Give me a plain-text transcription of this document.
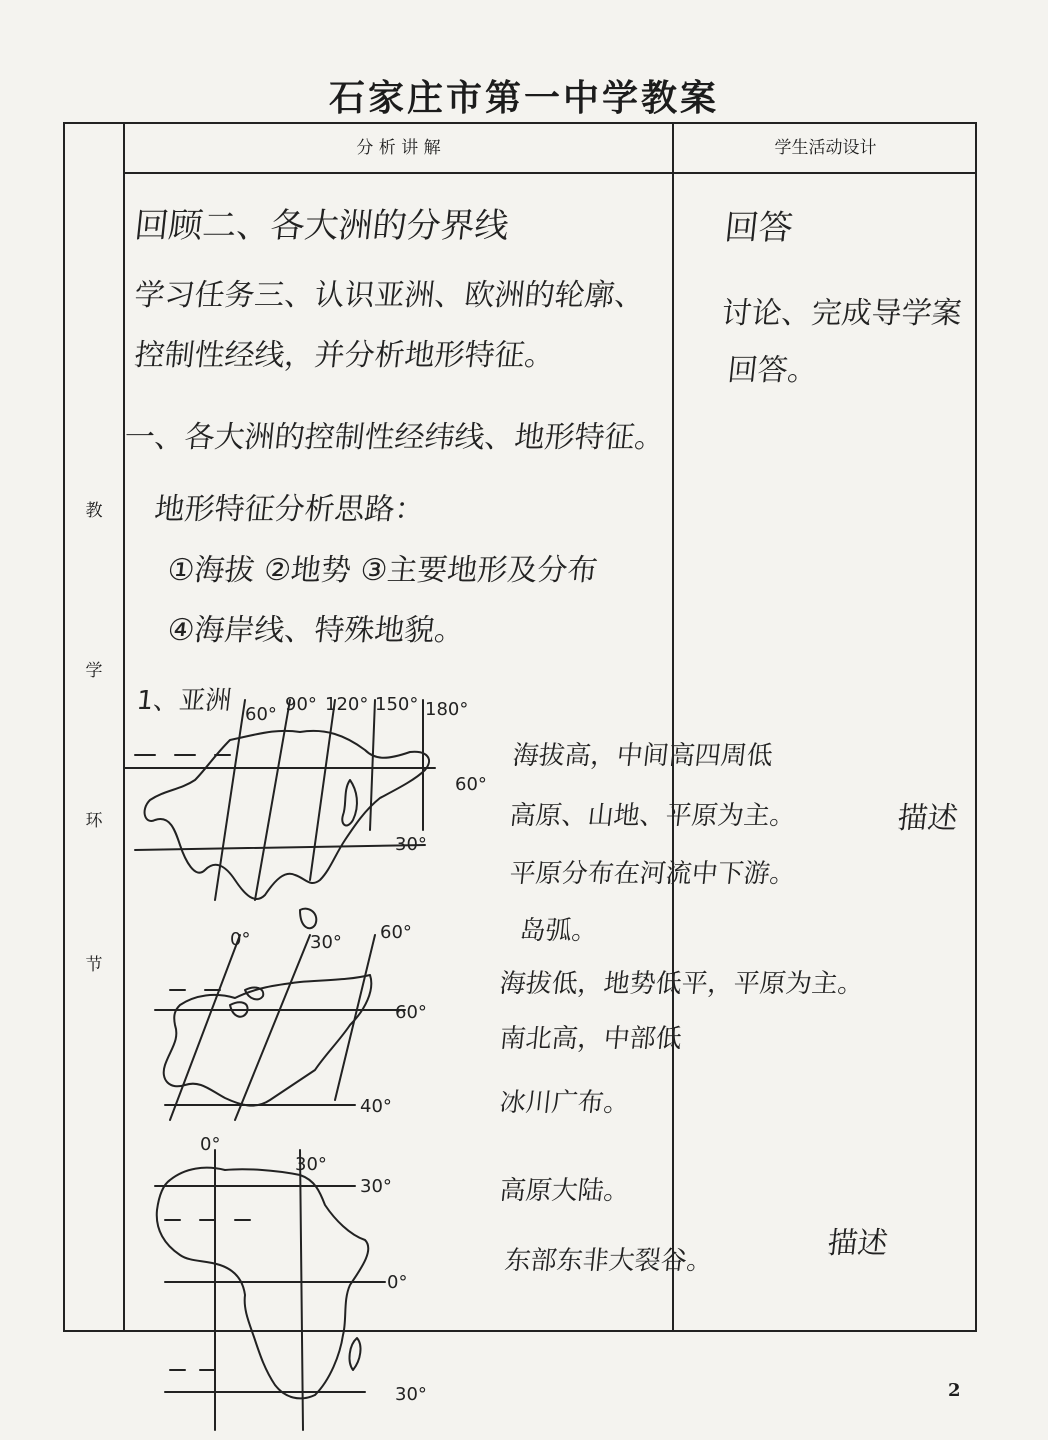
石家庄市第一中学教案
分 析 讲 解	学生活动设计
教
学
环
节
回顾二、各大洲的分界线
学习任务三、认识亚洲、欧洲的轮廓、
控制性经线，并分析地形特征。
一、各大洲的控制性经纬线、地形特征。
地形特征分析思路：
①海拔 ②地势 ③主要地形及分布
④海岸线、特殊地貌。
1、亚洲
海拔高，中间高四周低
高原、山地、平原为主。
平原分布在河流中下游。
岛弧。
海拔低，地势低平，平原为主。
南北高，中部低
冰川广布。
高原大陆。
东部东非大裂谷。
回答
讨论、完成导学案
回答。
描述
描述
60° 90° 120° 150° 180°
60°
30°
0°	30° 60°
60°
40°
0°
30°
30°
0°
30°	2
